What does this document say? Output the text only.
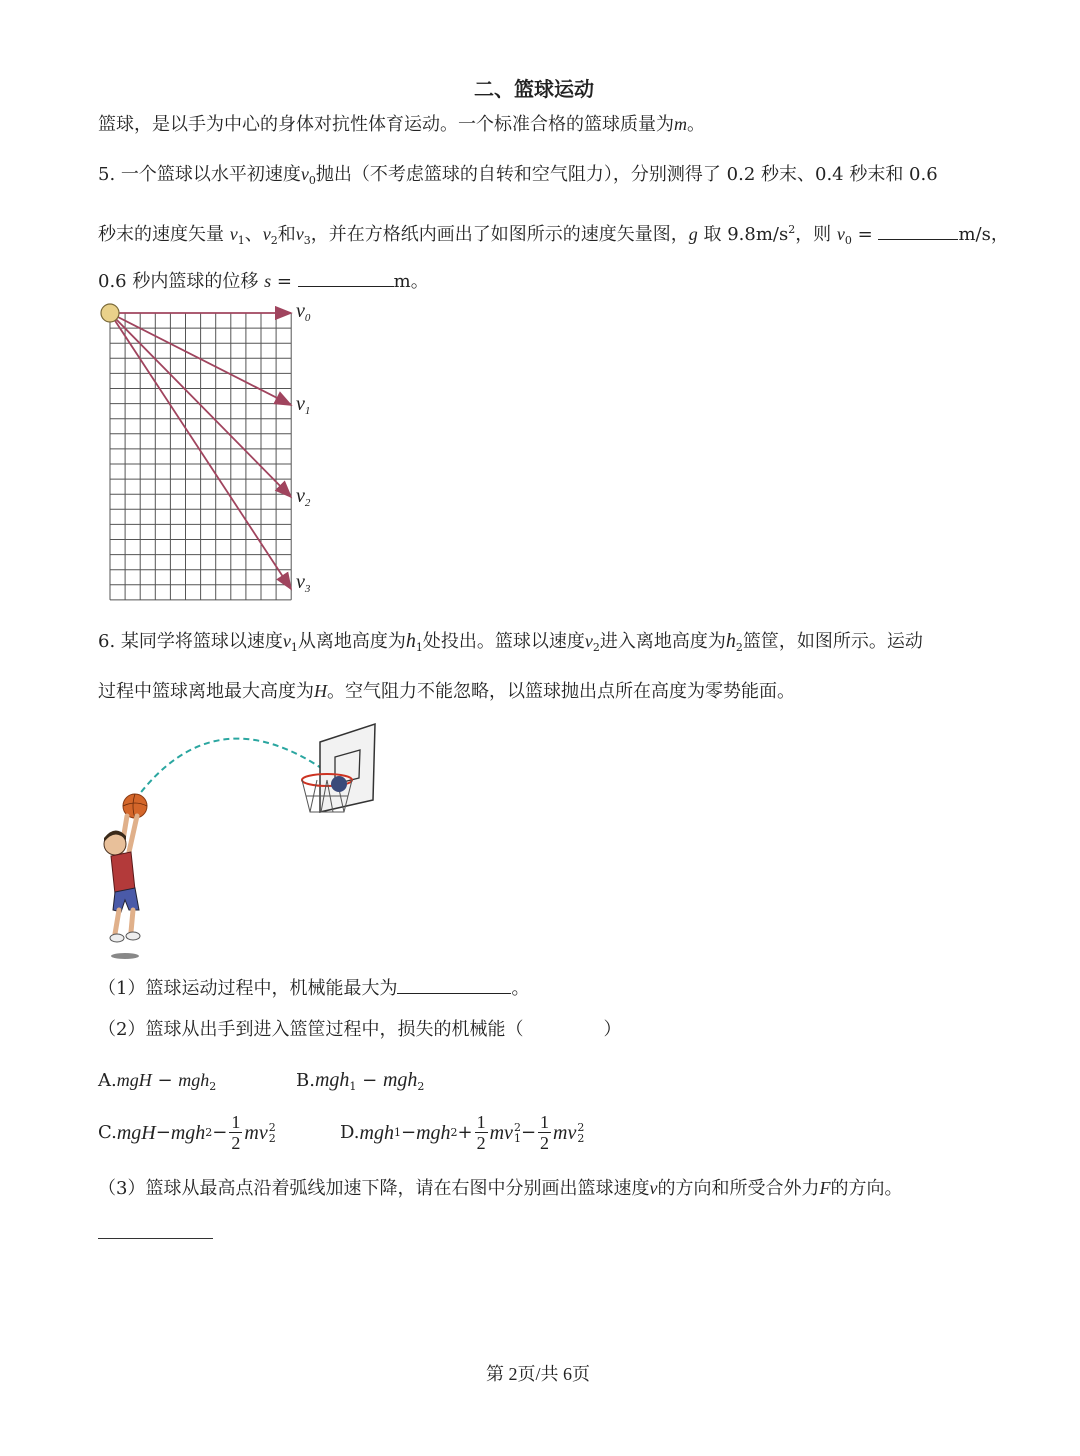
二、篮球运动
篮球，是以手为中心的身体对抗性体育运动。一个标准合格的篮球质量为m。
5. 一个篮球以水平初速度$v_0$抛出（不考虑篮球的自转和空气阻力），分别测得了 0.2 秒末、0.4 秒末和 0.6
秒末的速度矢量 $v_1$、$v_2$和$v_3$，并在方格纸内画出了如图所示的速度矢量图，g 取 $9.8m/s^2$，则 $v_0$ =	m/s，
0.6 秒内篮球的位移 s =	m。
$v_0$
$v_1$
$v_2$
$v_3$
6. 某同学将篮球以速度$v_1$从离地高度为$h_1$处投出。篮球以速度$v_2$进入离地高度为$h_2$篮筐，如图所示。运动
过程中篮球离地最大高度为H。空气阻力不能忽略，以篮球抛出点所在高度为零势能面。
（1）篮球运动过程中，机械能最大为	。
（2）篮球从出手到进入篮筐过程中，损失的机械能（	）
A.mgH − mgh$_2$	B.mgh$_1$ − mgh$_2$
C. mgH − mgh $2 - \frac{1}{2}$ mv 2
2	D. mgh 1 − mgh $2 + \frac{1}{2}$ mv 2
$1 - \frac{1}{2}$ mv 2
2
（3）篮球从最高点沿着弧线加速下降，请在右图中分别画出篮球速度v的方向和所受合外力F的方向。
第 2页/共 6页
